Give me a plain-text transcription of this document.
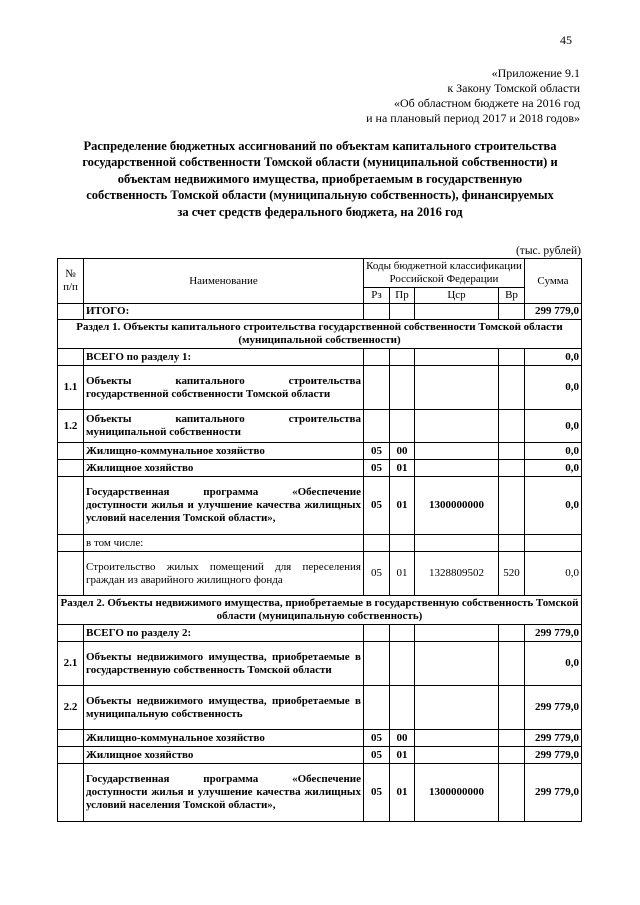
45
«Приложение 9.1
к Закону Томской области
«Об областном бюджете на 2016 год
и на плановый период 2017 и 2018 годов»
Распределение бюджетных ассигнований по объектам капитального строительства государственной собственности Томской области (муниципальной собственности) и объектам недвижимого имущества, приобретаемым в государственную собственность Томской области (муниципальную собственность), финансируемых за счет средств федерального бюджета, на 2016 год
(тыс. рублей)
№ п/п	Наименование	Коды бюджетной классификации Российской Федерации				Сумма
		Рз	Пр	Цср	Вр	
	ИТОГО:					299 779,0
Раздел 1. Объекты капитального строительства государственной собственности Томской области (муниципальной собственности)						
	ВСЕГО по разделу 1:					0,0
1.1	Объекты капитального строительства государственной собственности Томской области					0,0
1.2	Объекты капитального строительства муниципальной собственности					0,0
	Жилищно-коммунальное хозяйство	05	00			0,0
	Жилищное хозяйство	05	01			0,0
	Государственная программа «Обеспечение доступности жилья и улучшение качества жилищных условий населения Томской области»,	05	01	1300000000		0,0
	в том числе:					
	Строительство жилых помещений для переселения граждан из аварийного жилищного фонда	05	01	1328809502	520	0,0
Раздел 2. Объекты недвижимого имущества, приобретаемые в государственную собственность Томской области (муниципальную собственность)						
	ВСЕГО по разделу 2:					299 779,0
2.1	Объекты недвижимого имущества, приобретаемые в государственную собственность Томской области					0,0
2.2	Объекты недвижимого имущества, приобретаемые в муниципальную собственность					299 779,0
	Жилищно-коммунальное хозяйство	05	00			299 779,0
	Жилищное хозяйство	05	01			299 779,0
	Государственная программа «Обеспечение доступности жилья и улучшение качества жилищных условий населения Томской области»,	05	01	1300000000		299 779,0
